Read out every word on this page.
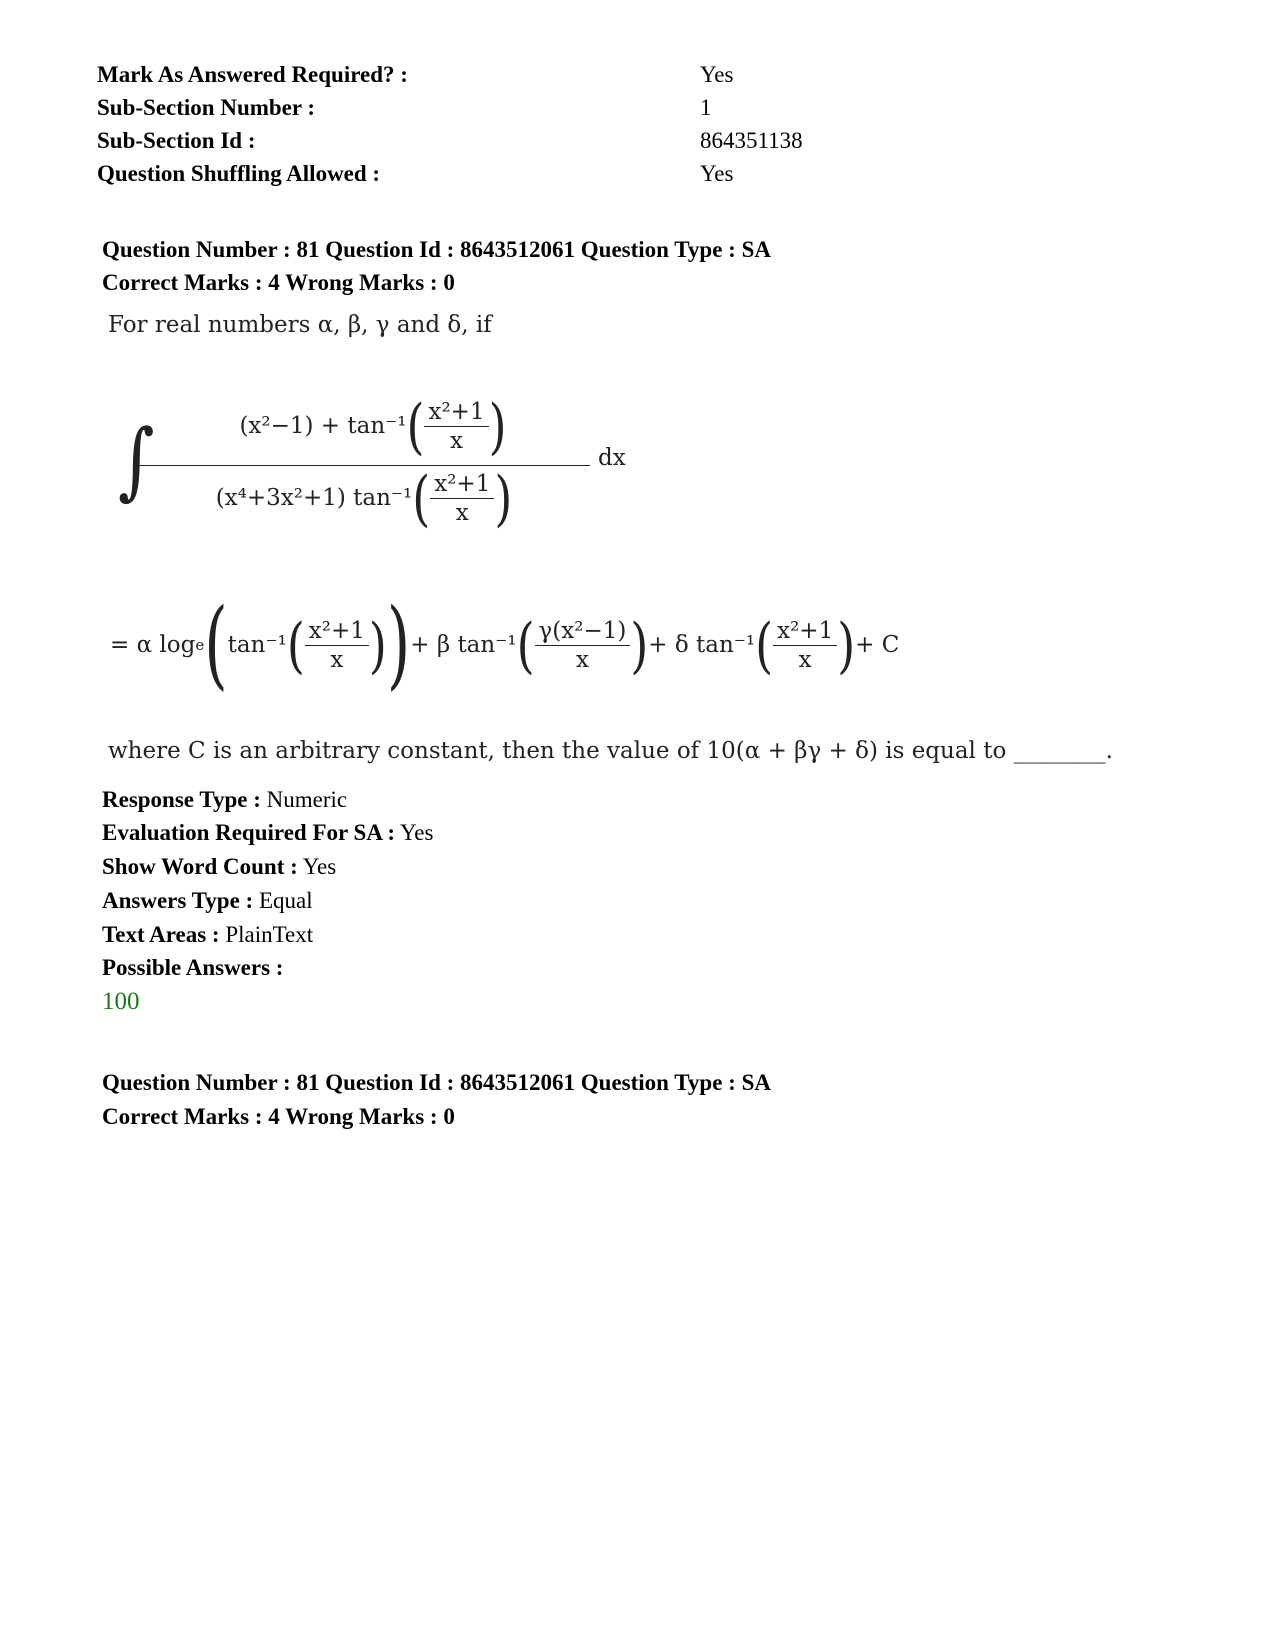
Mark As Answered Required? :	Yes
Sub-Section Number :	1
Sub-Section Id :	864351138
Question Shuffling Allowed :	Yes
Question Number : 81 Question Id : 8643512061 Question Type : SA
Correct Marks : 4 Wrong Marks : 0
For real numbers α, β, γ and δ, if
∫	(x²−1) + tan⁻¹ ( $\frac{\text{x²+1}}{x}$ )
(x⁴+3x²+1) tan⁻¹ ( $\frac{\text{x²+1}}{x}$ )
dx
= α log e ( tan⁻¹ ( $\frac{\text{x²+1}}{x}$ ) ) + β tan⁻¹ ( $\frac{\text{γ(x²−1)}}{x}$ ) + δ tan⁻¹ ( $\frac{\text{x²+1}}{x}$ ) + C
where C is an arbitrary constant, then the value of 10(α + βγ + δ) is equal to ________.
Response Type : Numeric
Evaluation Required For SA : Yes
Show Word Count : Yes
Answers Type : Equal
Text Areas : PlainText
Possible Answers :
100
Question Number : 81 Question Id : 8643512061 Question Type : SA
Correct Marks : 4 Wrong Marks : 0
